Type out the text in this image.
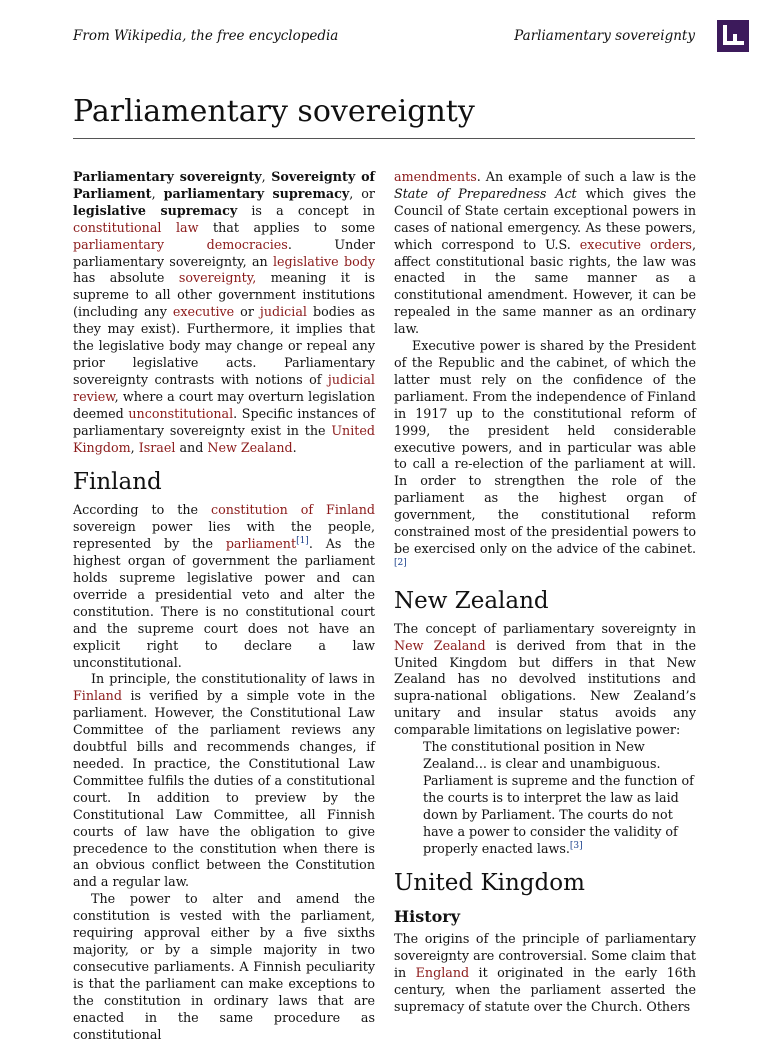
From Wikipedia, the free encyclopedia	Parliamentary sovereignty
Parliamentary sovereignty

Parliamentary sovereignty, Sovereignty of Parliament, parliamentary supremacy, or legislative supremacy is a concept in constitutional law that applies to some parliamentary democracies. Under parliamentary sovereignty, an legislative body has absolute sovereignty, meaning it is supreme to all other government institutions (including any executive or judicial bodies as they may exist). Furthermore, it implies that the legislative body may change or repeal any prior legislative acts. Parliamentary sovereignty contrasts with notions of judicial review, where a court may overturn legislation deemed unconstitutional. Specific instances of parliamentary sovereignty exist in the United Kingdom, Israel and New Zealand.

Finland

According to the constitution of Finland sovereign power lies with the people, represented by the parliament[1]. As the highest organ of government the parliament holds supreme legislative power and can override a presidential veto and alter the constitution. There is no constitutional court and the supreme court does not have an explicit right to declare a law unconstitutional.

In principle, the constitutionality of laws in Finland is verified by a simple vote in the parliament. However, the Constitutional Law Committee of the parliament reviews any doubtful bills and recommends changes, if needed. In practice, the Constitutional Law Committee fulfils the duties of a constitutional court. In addition to preview by the Constitutional Law Committee, all Finnish courts of law have the obligation to give precedence to the constitution when there is an obvious conflict between the Constitution and a regular law.

The power to alter and amend the constitution is vested with the parliament, requiring approval either by a five sixths majority, or by a simple majority in two consecutive parliaments. A Finnish peculiarity is that the parliament can make exceptions to the constitution in ordinary laws that are enacted in the same procedure as constitutional

amendments. An example of such a law is the State of Preparedness Act which gives the Council of State certain exceptional powers in cases of national emergency. As these powers, which correspond to U.S. executive orders, affect constitutional basic rights, the law was enacted in the same manner as a constitutional amendment. However, it can be repealed in the same manner as an ordinary law.

Executive power is shared by the President of the Republic and the cabinet, of which the latter must rely on the confidence of the parliament. From the independence of Finland in 1917 up to the constitutional reform of 1999, the president held considerable executive powers, and in particular was able to call a re-election of the parliament at will. In order to strengthen the role of the parliament as the highest organ of government, the constitutional reform constrained most of the presidential powers to be exercised only on the advice of the cabinet.[2]

New Zealand

The concept of parliamentary sovereignty in New Zealand is derived from that in the United Kingdom but differs in that New Zealand has no devolved institutions and supra-national obligations. New Zealand’s unitary and insular status avoids any comparable limitations on legislative power:

The constitutional position in New Zealand... is clear and unambiguous. Parliament is supreme and the function of the courts is to interpret the law as laid down by Parliament. The courts do not have a power to consider the validity of properly enacted laws.[3]
United Kingdom
History

The origins of the principle of parliamentary sovereignty are controversial. Some claim that in England it originated in the early 16th century, when the parliament asserted the supremacy of statute over the Church. Others
